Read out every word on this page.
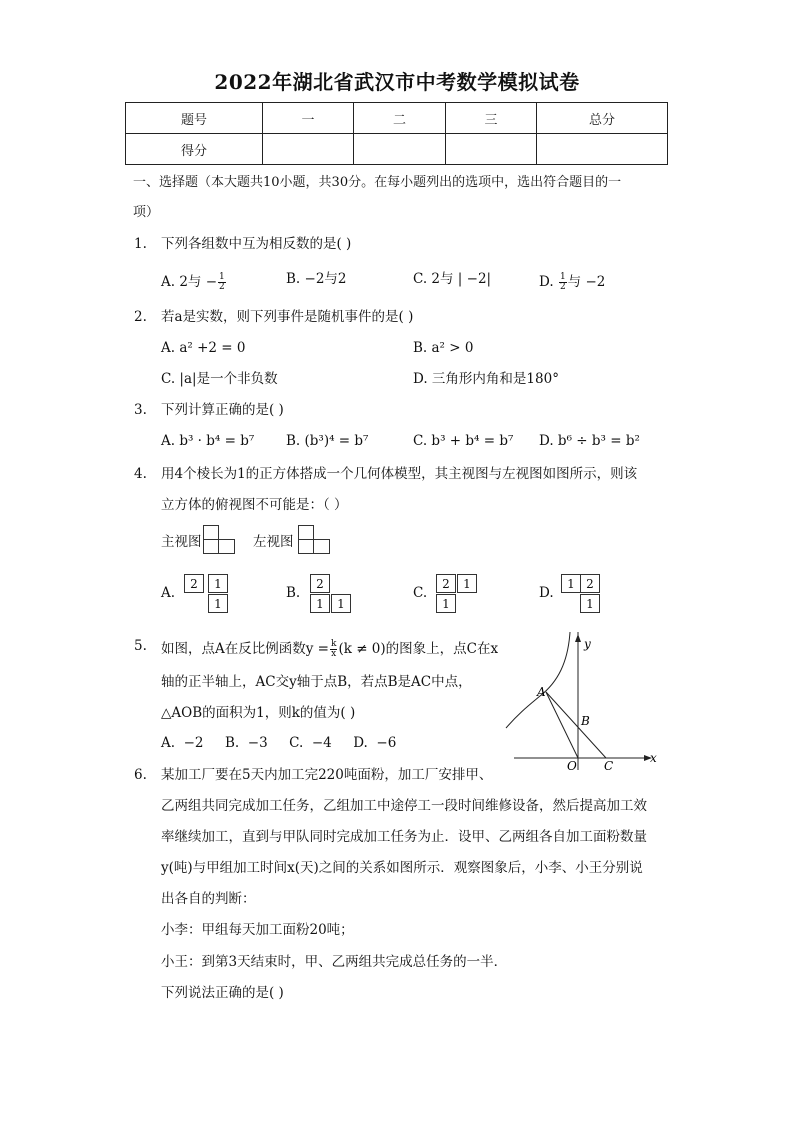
2022年湖北省武汉市中考数学模拟试卷
题号	一	二	三	总分
得分				
一、选择题（本大题共10小题，共30分。在每小题列出的选项中，选出符合题目的一
项）
1. 下列各组数中互为相反数的是( )
A. 2与 − $\frac{1}{2}$	B. −2与2	C. 2与 | −2|	D. $\frac{1}{2}$ 与 −2
2. 若a是实数，则下列事件是随机事件的是( )
A. a² +2 = 0	B. a² > 0
C. |a|是一个非负数	D. 三角形内角和是180°
3. 下列计算正确的是( )
A. b³ · b⁴ = b⁷ B. (b³)⁴ = b⁷	C. b³ + b⁴ = b⁷ D. b⁶ ÷ b³ = b²
4. 用4个棱长为1的正方体搭成一个几何体模型，其主视图与左视图如图所示，则该
立方体的俯视图不可能是：（ ）
主视图	左视图
A.
2	1
1
B.
2
1	1
C.
2	1
1
D.
1 2
1
5. 如图，点A在反比例函数$y = \frac{k}{x} (k \ne 0)$的图象上，点C在x
轴的正半轴上，AC交y轴于点B，若点B是AC中点，
△AOB的面积为1，则k的值为( )
A.  −2     B.  −3     C.  −4     D.  −6
y
x
A
B
O C
6. 某加工厂要在5天内加工完220吨面粉，加工厂安排甲、
乙两组共同完成加工任务，乙组加工中途停工一段时间维修设备，然后提高加工效
率继续加工，直到与甲队同时完成加工任务为止．设甲、乙两组各自加工面粉数量
y(吨)与甲组加工时间x(天)之间的关系如图所示．观察图象后，小李、小王分别说
出各自的判断：
小李：甲组每天加工面粉20吨；
小王：到第3天结束时，甲、乙两组共完成总任务的一半．
下列说法正确的是( )
